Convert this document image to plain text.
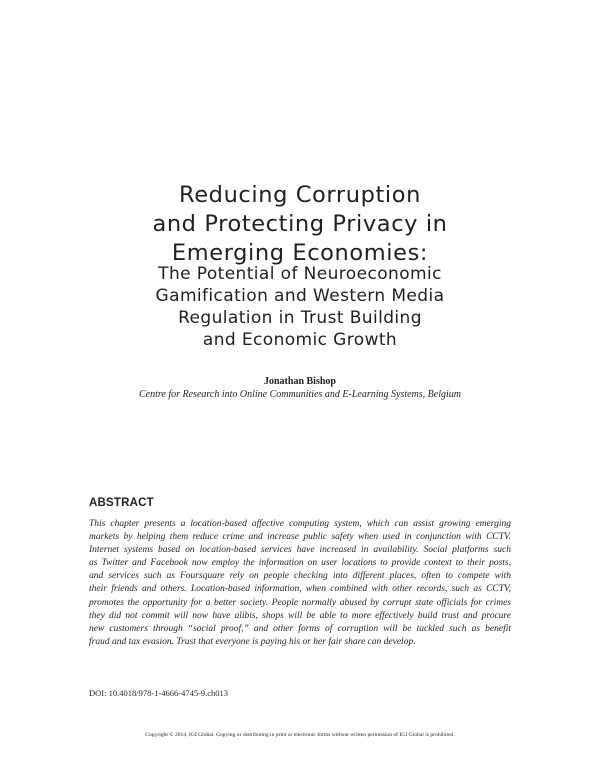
Reducing Corruption
and Protecting Privacy in
Emerging Economies:
The Potential of Neuroeconomic
Gamification and Western Media
Regulation in Trust Building
and Economic Growth
Jonathan Bishop
Centre for Research into Online Communities and E-Learning Systems, Belgium
ABSTRACT
This chapter presents a location-based affective computing system, which can assist growing emerging
markets by helping them reduce crime and increase public safety when used in conjunction with CCTV.
Internet systems based on location-based services have increased in availability. Social platforms such
as Twitter and Facebook now employ the information on user locations to provide context to their posts,
and services such as Foursquare rely on people checking into different places, often to compete with
their friends and others. Location-based information, when combined with other records, such as CCTV,
promotes the opportunity for a better society. People normally abused by corrupt state officials for crimes
they did not commit will now have alibis, shops will be able to more effectively build trust and procure
new customers through “social proof,” and other forms of corruption will be tackled such as benefit
fraud and tax evasion. Trust that everyone is paying his or her fair share can develop.
DOI: 10.4018/978-1-4666-4745-9.ch013
Copyright © 2014, IGI Global. Copying or distributing in print or electronic forms without written permission of IGI Global is prohibited.
